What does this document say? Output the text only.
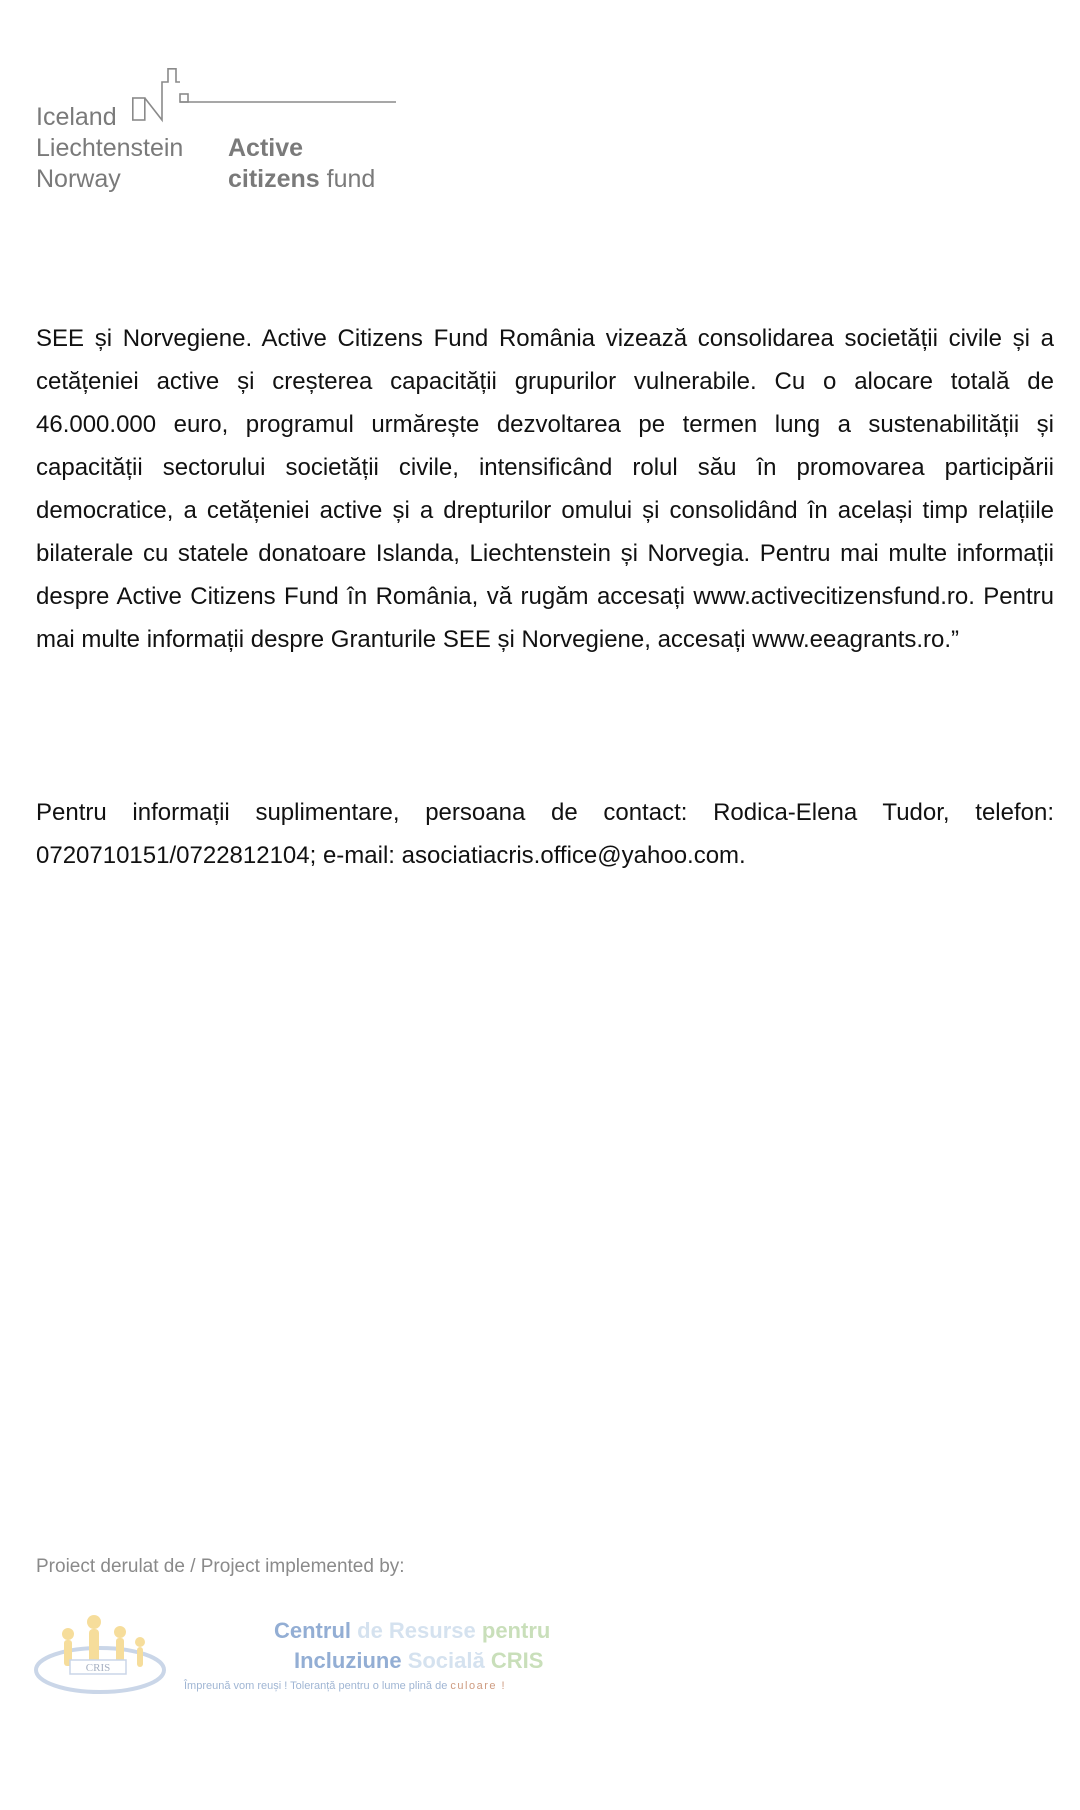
Iceland
Liechtenstein
Norway
Active
citizens fund

SEE și Norvegiene. Active Citizens Fund România vizează consolidarea societății civile și a cetățeniei active și creșterea capacității grupurilor vulnerabile. Cu o alocare totală de 46.000.000 euro, programul urmărește dezvoltarea pe termen lung a sustenabilității și capacității sectorului societății civile, intensificând rolul său în promovarea participării democratice, a cetățeniei active și a drepturilor omului și consolidând în același timp relațiile bilaterale cu statele donatoare Islanda, Liechtenstein și Norvegia. Pentru mai multe informații despre Active Citizens Fund în România, vă rugăm accesați www.activecitizensfund.ro. Pentru mai multe informații despre Granturile SEE și Norvegiene, accesați www.eeagrants.ro.”

Pentru informații suplimentare, persoana de contact: Rodica-Elena Tudor, telefon: 0720710151/0722812104; e-mail: asociatiacris.office@yahoo.com.

Proiect derulat de / Project implemented by:
CRIS
Centrul de Resurse pentru
Incluziune Socială CRIS
Împreună vom reuși ! Toleranță pentru o lume plină de culoare !
